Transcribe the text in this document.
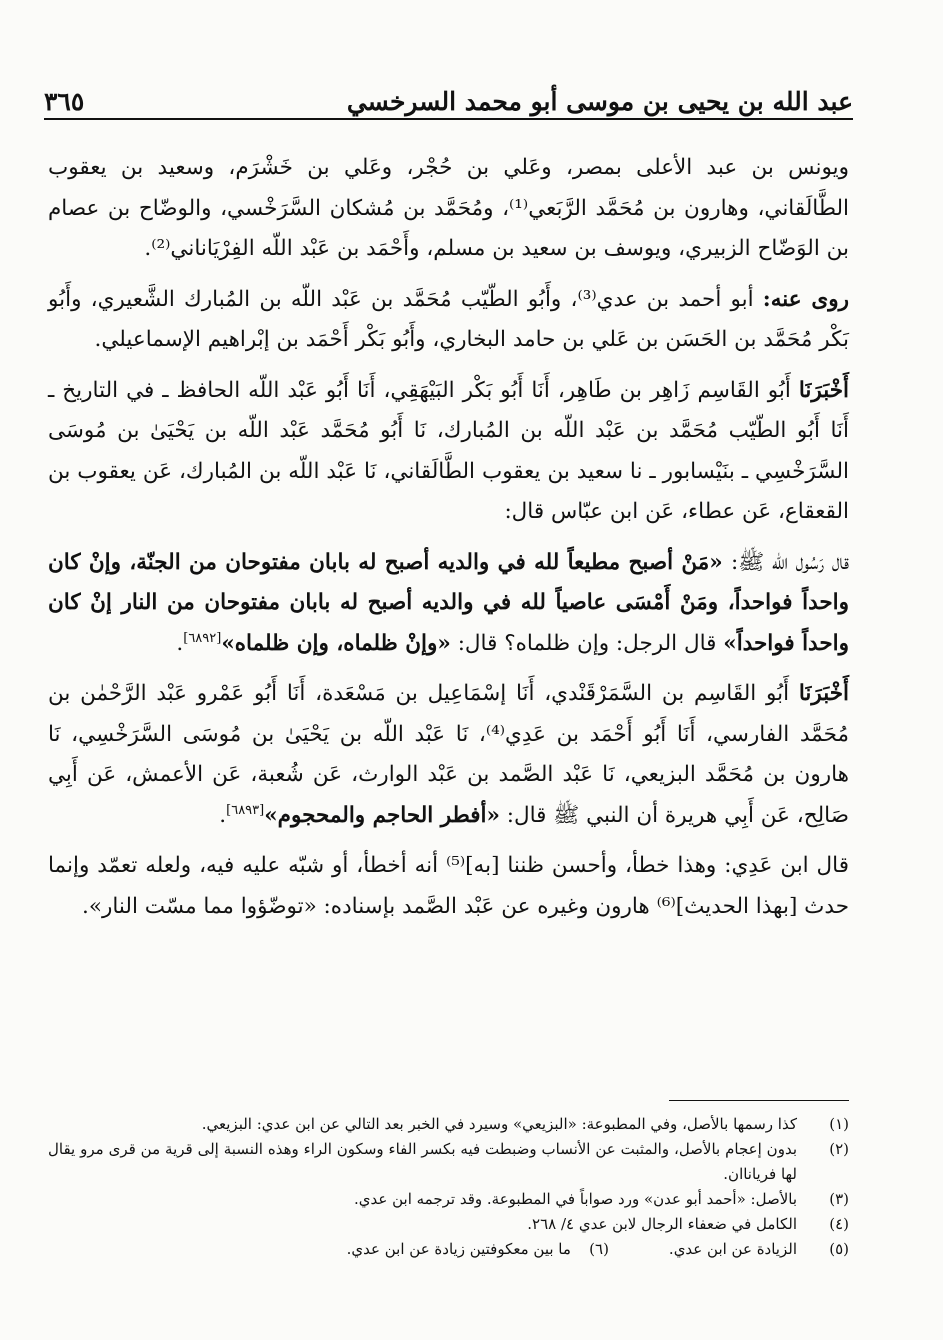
٣٦٥	عبد الله بن يحيى بن موسى أبو محمد السرخسي

ويونس بن عبد الأعلى بمصر، وعَلي بن حُجْر، وعَلي بن خَشْرَم، وسعيد بن يعقوب الطَّالَقاني، وهارون بن مُحَمَّد الرَّبَعي⁽¹⁾، ومُحَمَّد بن مُشكان السَّرَخْسي، والوضّاح بن عصام بن الوَضّاح الزبيري، ويوسف بن سعيد بن مسلم، وأَحْمَد بن عَبْد اللّه الفِرْيَاناني⁽²⁾.

روى عنه: أبو أحمد بن عدي⁽³⁾، وأَبُو الطّيّب مُحَمَّد بن عَبْد اللّه بن المُبارك الشَّعيري، وأَبُو بَكْر مُحَمَّد بن الحَسَن بن عَلي بن حامد البخاري، وأَبُو بَكْر أَحْمَد بن إبْراهيم الإسماعيلي.

أَخْبَرَنَا أَبُو القَاسِم زَاهِر بن طَاهِر، أَنَا أَبُو بَكْر البَيْهَقِي، أَنَا أَبُو عَبْد اللّه الحافظ ـ في التاريخ ـ أَنَا أَبُو الطّيّب مُحَمَّد بن عَبْد اللّه بن المُبارك، نَا أَبُو مُحَمَّد عَبْد اللّه بن يَحْيَىٰ بن مُوسَى السَّرَخْسِي ـ بنَيْسابور ـ نا سعيد بن يعقوب الطَّالَقاني، نَا عَبْد اللّه بن المُبارك، عَن يعقوب بن القعقاع، عَن عطاء، عَن ابن عبّاس قال:

قال رَسُول اللّه ﷺ: «مَنْ أصبح مطيعاً لله في والديه أصبح له بابان مفتوحان من الجنّة، وإنْ كان واحداً فواحداً، ومَنْ أَمْسَى عاصياً لله في والديه أصبح له بابان مفتوحان من النار إنْ كان واحداً فواحداً» قال الرجل: وإن ظلماه؟ قال: «وإنْ ظلماه، وإن ظلماه»[٦٨٩٢].

أَخْبَرَنَا أَبُو القَاسِم بن السَّمَرْقَنْدي، أَنَا إسْمَاعِيل بن مَسْعَدة، أَنَا أَبُو عَمْرو عَبْد الرَّحْمٰن بن مُحَمَّد الفارسي، أَنَا أَبُو أَحْمَد بن عَدِي⁽⁴⁾، نَا عَبْد اللّه بن يَحْيَىٰ بن مُوسَى السَّرَخْسِي، نَا هارون بن مُحَمَّد البزيعي، نَا عَبْد الصَّمد بن عَبْد الوارث، عَن شُعبة، عَن الأعمش، عَن أَبِي صَالِح، عَن أَبِي هريرة أن النبي ﷺ قال: «أفطر الحاجم والمحجوم»[٦٨٩٣].

قال ابن عَدِي: وهذا خطأ، وأحسن ظننا [به]⁽⁵⁾ أنه أخطأ، أو شبّه عليه فيه، ولعله تعمّد وإنما حدث [بهذا الحديث]⁽⁶⁾ هارون وغيره عن عَبْد الصَّمد بإسناده: «توضّؤوا مما مسّت النار».

(١)
كذا رسمها بالأصل، وفي المطبوعة: «البزيعي» وسيرد في الخبر بعد التالي عن ابن عدي: البزيعي.
(٢)
بدون إعجام بالأصل، والمثبت عن الأنساب وضبطت فيه بكسر الفاء وسكون الراء وهذه النسبة إلى قرية من قرى مرو يقال لها فرياناان.
(٣)
بالأصل: «أحمد أبو عدن» ورد صواباً في المطبوعة. وقد ترجمه ابن عدي.
(٤)
الكامل في ضعفاء الرجال لابن عدي ٤/ ٢٦٨.
(٥)
الزيادة عن ابن عدي.
(٦)
ما بين معكوفتين زيادة عن ابن عدي.
